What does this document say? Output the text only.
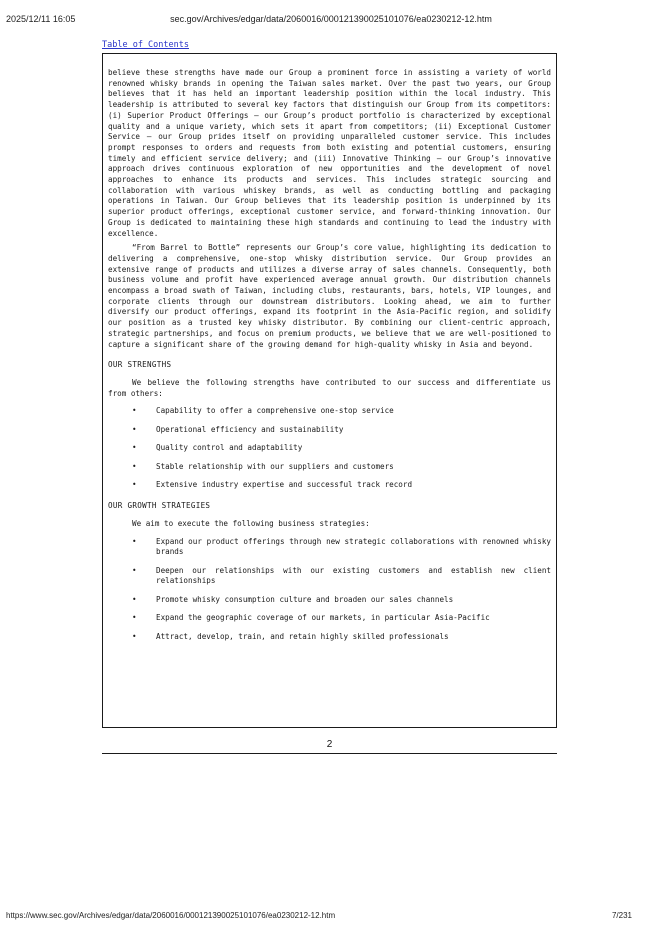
2025/12/11 16:05	sec.gov/Archives/edgar/data/2060016/000121390025101076/ea0230212-12.htm
Table of Contents

believe these strengths have made our Group a prominent force in assisting a variety of world renowned whisky brands in opening the Taiwan sales market. Over the past two years, our Group believes that it has held an important leadership position within the local industry. This leadership is attributed to several key factors that distinguish our Group from its competitors: (i) Superior Product Offerings — our Group’s product portfolio is characterized by exceptional quality and a unique variety, which sets it apart from competitors; (ii) Exceptional Customer Service — our Group prides itself on providing unparalleled customer service. This includes prompt responses to orders and requests from both existing and potential customers, ensuring timely and efficient service delivery; and (iii) Innovative Thinking — our Group’s innovative approach drives continuous exploration of new opportunities and the development of novel approaches to enhance its products and services. This includes strategic sourcing and collaboration with various whiskey brands, as well as conducting bottling and packaging operations in Taiwan. Our Group believes that its leadership position is underpinned by its superior product offerings, exceptional customer service, and forward-thinking innovation. Our Group is dedicated to maintaining these high standards and continuing to lead the industry with excellence.

“From Barrel to Bottle” represents our Group’s core value, highlighting its dedication to delivering a comprehensive, one-stop whisky distribution service. Our Group provides an extensive range of products and utilizes a diverse array of sales channels. Consequently, both business volume and profit have experienced average annual growth. Our distribution channels encompass a broad swath of Taiwan, including clubs, restaurants, bars, hotels, VIP lounges, and corporate clients through our downstream distributors. Looking ahead, we aim to further diversify our product offerings, expand its footprint in the Asia-Pacific region, and solidify our position as a trusted key whisky distributor. By combining our client-centric approach, strategic partnerships, and focus on premium products, we believe that we are well-positioned to capture a significant share of the growing demand for high-quality whisky in Asia and beyond.

OUR STRENGTHS

We believe the following strengths have contributed to our success and differentiate us from others:

•	Capability to offer a comprehensive one-stop service
•	Operational efficiency and sustainability
•	Quality control and adaptability
•	Stable relationship with our suppliers and customers
•	Extensive industry expertise and successful track record

OUR GROWTH STRATEGIES

We aim to execute the following business strategies:

•	Expand our product offerings through new strategic collaborations with renowned whisky brands
•	Deepen our relationships with our existing customers and establish new client relationships
•	Promote whisky consumption culture and broaden our sales channels
•	Expand the geographic coverage of our markets, in particular Asia-Pacific
•	Attract, develop, train, and retain highly skilled professionals
2
https://www.sec.gov/Archives/edgar/data/2060016/000121390025101076/ea0230212-12.htm	7/231
